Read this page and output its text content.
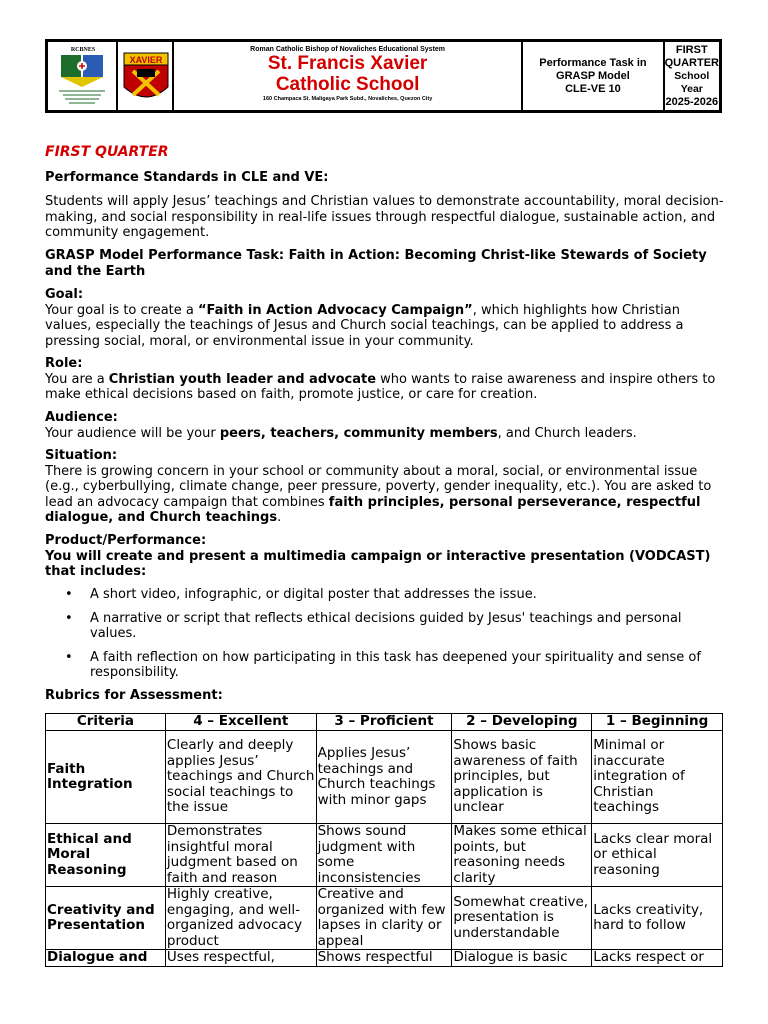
RCBNES
XAVIER
Roman Catholic Bishop of Novaliches Educational System
St. Francis Xavier
Catholic School
160 Champaca St. Maligaya Park Subd., Novaliches, Quezon City
Performance Task in
GRASP Model
CLE-VE 10
FIRST
QUARTER
School Year
2025-2026

FIRST QUARTER

Performance Standards in CLE and VE:

Students will apply Jesus’ teachings and Christian values to demonstrate accountability, moral decision-making, and social responsibility in real-life issues through respectful dialogue, sustainable action, and community engagement.

GRASP Model Performance Task: Faith in Action: Becoming Christ-like Stewards of Society and the Earth

Goal:
Your goal is to create a “Faith in Action Advocacy Campaign”, which highlights how Christian values, especially the teachings of Jesus and Church social teachings, can be applied to address a pressing social, moral, or environmental issue in your community.

Role:
You are a Christian youth leader and advocate who wants to raise awareness and inspire others to make ethical decisions based on faith, promote justice, or care for creation.

Audience:
Your audience will be your peers, teachers, community members, and Church leaders.

Situation:
There is growing concern in your school or community about a moral, social, or environmental issue (e.g., cyberbullying, climate change, peer pressure, poverty, gender inequality, etc.). You are asked to lead an advocacy campaign that combines faith principles, personal perseverance, respectful dialogue, and Church teachings.

Product/Performance:
You will create and present a multimedia campaign or interactive presentation (VODCAST) that includes:

• A short video, infographic, or digital poster that addresses the issue.
• A narrative or script that reflects ethical decisions guided by Jesus' teachings and personal values.
• A faith reflection on how participating in this task has deepened your spirituality and sense of responsibility.

Rubrics for Assessment:

Criteria	4 – Excellent	3 – Proficient	2 – Developing	1 – Beginning
Faith Integration	Clearly and deeply applies Jesus’ teachings and Church social teachings to the issue	Applies Jesus’ teachings and Church teachings with minor gaps	Shows basic awareness of faith principles, but application is unclear	Minimal or inaccurate integration of Christian teachings
Ethical and Moral Reasoning	Demonstrates insightful moral judgment based on faith and reason	Shows sound judgment with some inconsistencies	Makes some ethical points, but reasoning needs clarity	Lacks clear moral or ethical reasoning
Creativity and Presentation	Highly creative, engaging, and well-organized advocacy product	Creative and organized with few lapses in clarity or appeal	Somewhat creative, presentation is understandable	Lacks creativity, hard to follow
Dialogue and	Uses respectful,	Shows respectful	Dialogue is basic	Lacks respect or
